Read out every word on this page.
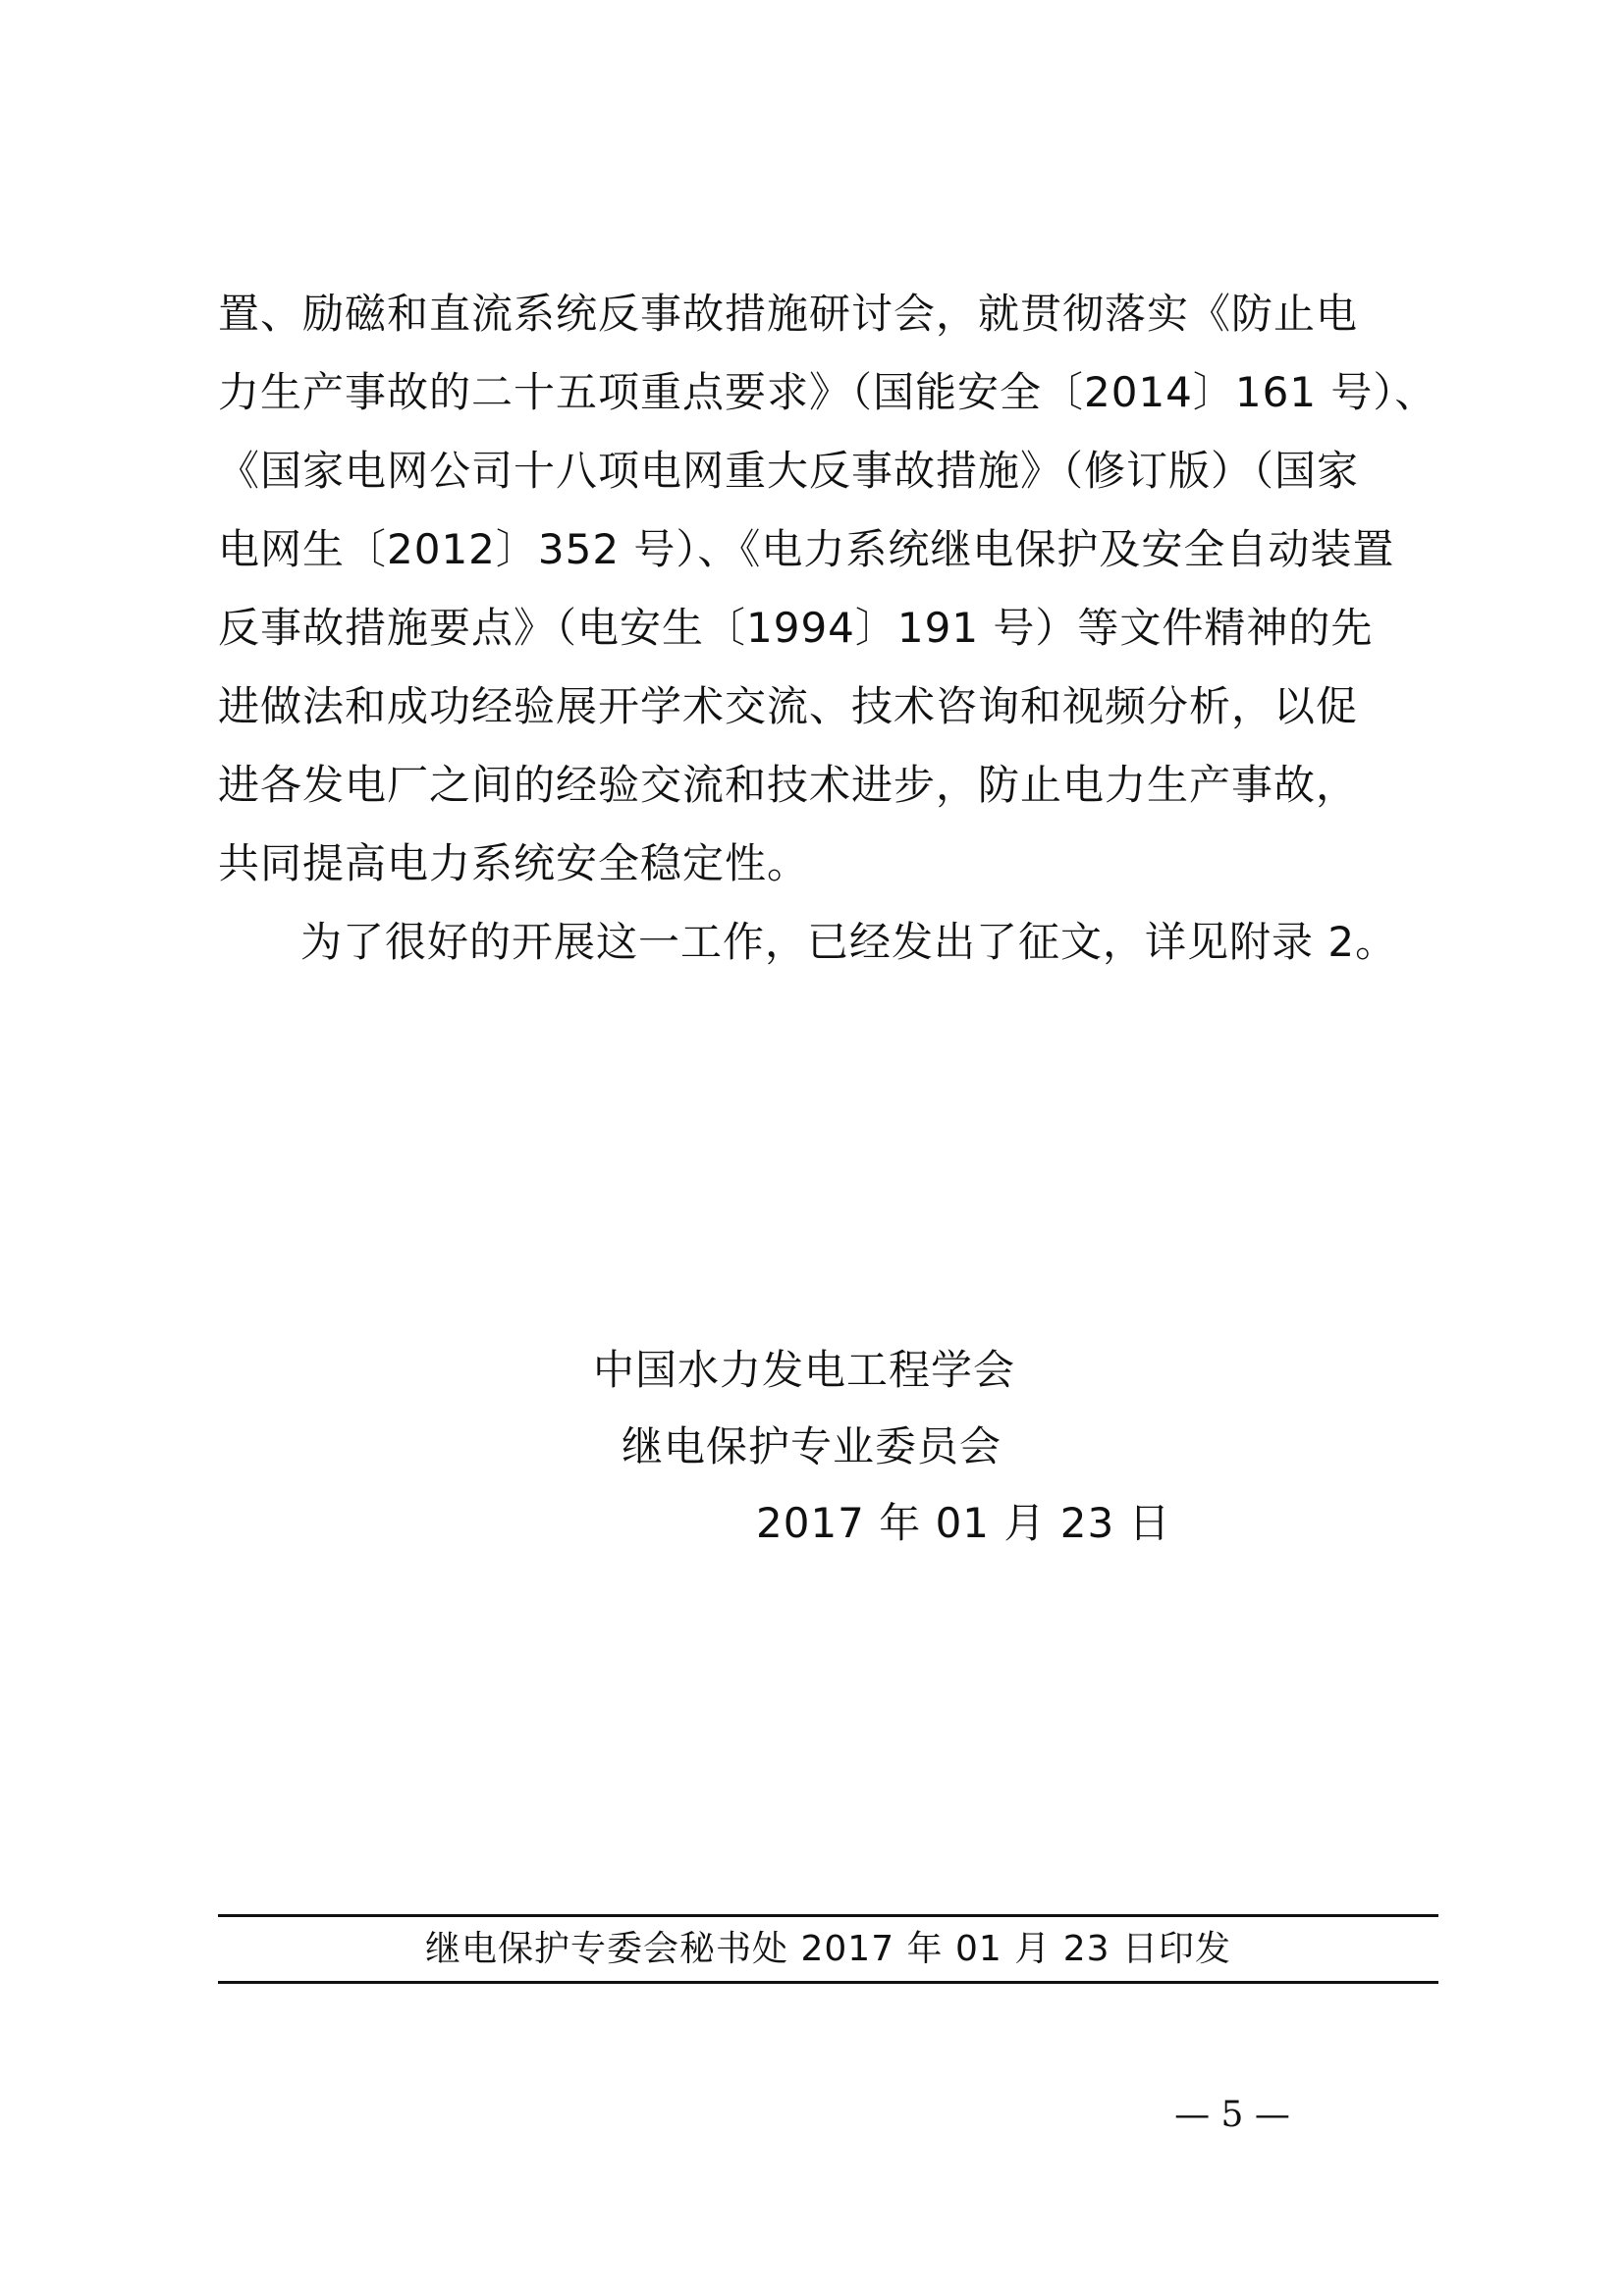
置、励磁和直流系统反事故措施研讨会，就贯彻落实《防止电
力生产事故的二十五项重点要求》（国能安全〔2014〕161 号）、
《国家电网公司十八项电网重大反事故措施》（修订版）（国家
电网生〔2012〕352 号）、《电力系统继电保护及安全自动装置
反事故措施要点》（电安生〔1994〕191 号）等文件精神的先
进做法和成功经验展开学术交流、技术咨询和视频分析，以促
进各发电厂之间的经验交流和技术进步，防止电力生产事故，
共同提高电力系统安全稳定性。
为了很好的开展这一工作，已经发出了征文，详见附录 2。
中国水力发电工程学会
继电保护专业委员会
2017 年 01 月 23 日
继电保护专委会秘书处 2017 年 01 月 23 日印发
— 5 —
